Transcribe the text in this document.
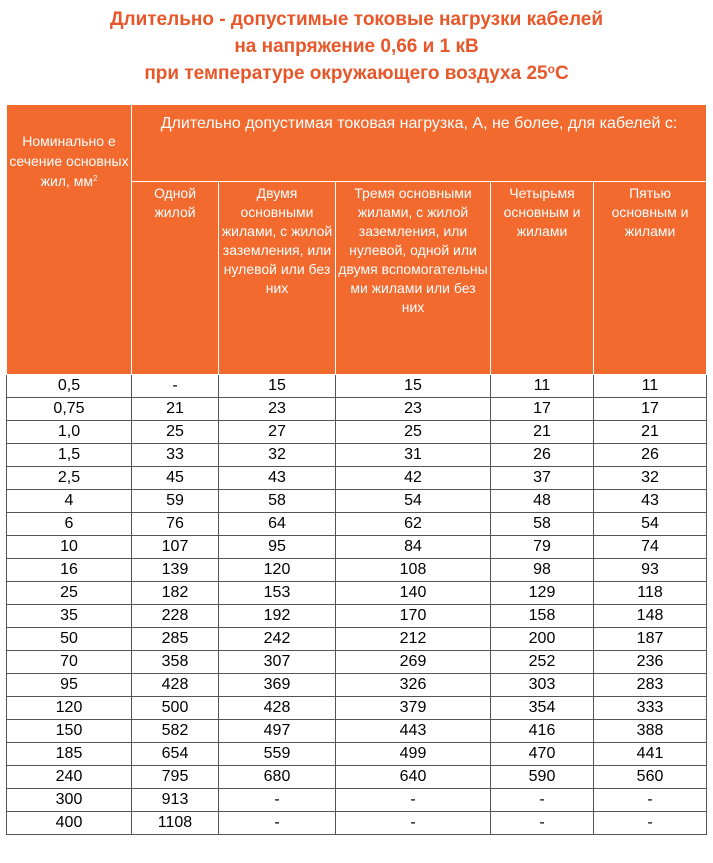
Длительно - допустимые токовые нагрузки кабелей
на напряжение 0,66 и 1 кВ
при температуре окружающего воздуха $25^оС$
Номинально е сечение основных жил, $мм^2$	Длительно допустимая токовая нагрузка, А, не более, для кабелей с:				
	Одной жилой	Двумя основными жилами, с жилой заземления, или нулевой или без них	Тремя основными жилами, с жилой заземления, или нулевой, одной или двумя вспомогательны ми жилами или без них	Четырьмя основным и жилами	Пятью основным и жилами
0,5	-	15	15	11	11
0,75	21	23	23	17	17
1,0	25	27	25	21	21
1,5	33	32	31	26	26
2,5	45	43	42	37	32
4	59	58	54	48	43
6	76	64	62	58	54
10	107	95	84	79	74
16	139	120	108	98	93
25	182	153	140	129	118
35	228	192	170	158	148
50	285	242	212	200	187
70	358	307	269	252	236
95	428	369	326	303	283
120	500	428	379	354	333
150	582	497	443	416	388
185	654	559	499	470	441
240	795	680	640	590	560
300	913	-	-	-	-
400	1108	-	-	-	-
